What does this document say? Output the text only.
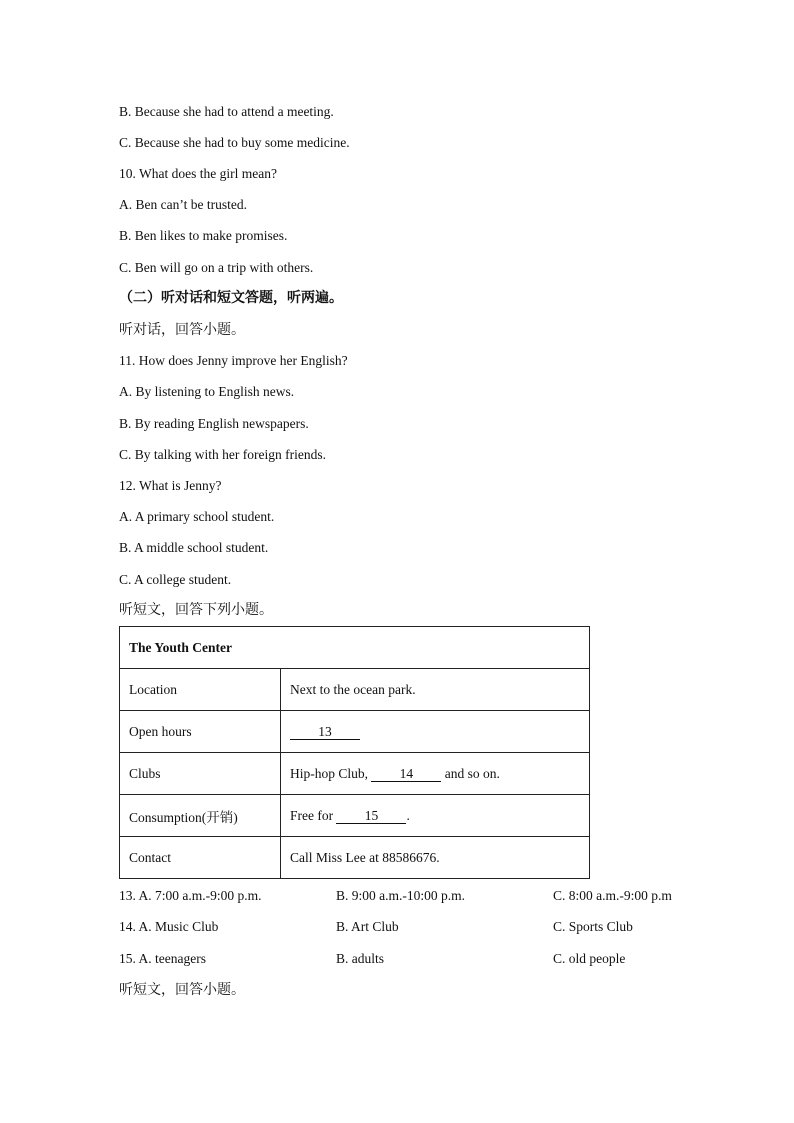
B. Because she had to attend a meeting.
C. Because she had to buy some medicine.
10. What does the girl mean?
A. Ben can’t be trusted.
B. Ben likes to make promises.
C. Ben will go on a trip with others.
（二）听对话和短文答题，听两遍。
听对话，回答小题。
11. How does Jenny improve her English?
A. By listening to English news.
B. By reading English newspapers.
C. By talking with her foreign friends.
12. What is Jenny?
A. A primary school student.
B. A middle school student.
C. A college student.
听短文，回答下列小题。
The Youth Center	
Location	Next to the ocean park.
Open hours	13
Clubs	Hip-hop Club, 14 and so on.
Consumption(开销)	Free for 15 .
Contact	Call Miss Lee at 88586676.
13. A. 7:00 a.m.-9:00 p.m.	B. 9:00 a.m.-10:00 p.m.	C. 8:00 a.m.-9:00 p.m
14. A. Music Club	B. Art Club	C. Sports Club
15. A. teenagers	B. adults	C. old people
听短文，回答小题。
